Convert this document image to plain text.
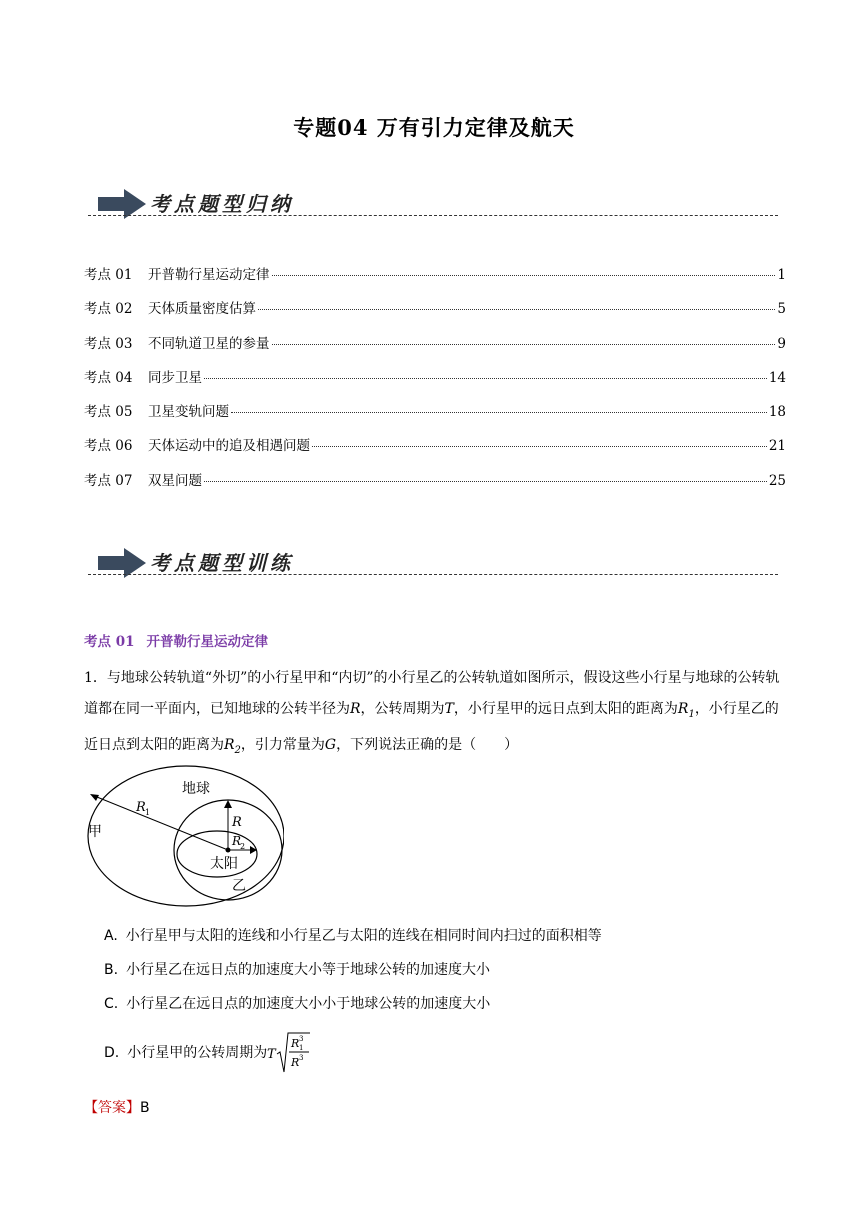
专题04 万有引力定律及航天
考点题型归纳
考点 01	开普勒行星运动定律	1
考点 02	天体质量密度估算	5
考点 03	不同轨道卫星的参量	9
考点 04	同步卫星	14
考点 05	卫星变轨问题	18
考点 06	天体运动中的追及相遇问题	21
考点 07	双星问题	25
考点题型训练
考点 01 开普勒行星运动定律
1．与地球公转轨道“外切”的小行星甲和“内切”的小行星乙的公转轨道如图所示，假设这些小行星与地球的公转轨道都在同一平面内，已知地球的公转半径为R，公转周期为T，小行星甲的远日点到太阳的距离为$R_1$，小行星乙的近日点到太阳的距离为$R_2$，引力常量为G，下列说法正确的是（　　）
地球
甲
太阳
乙
R 1
R
R
2
A. 小行星甲与太阳的连线和小行星乙与太阳的连线在相同时间内扫过的面积相等
B. 小行星乙在远日点的加速度大小等于地球公转的加速度大小
C. 小行星乙在远日点的加速度大小小于地球公转的加速度大小
D. 小行星甲的公转周期为 T
R 1
3
R 3
【答案】B
